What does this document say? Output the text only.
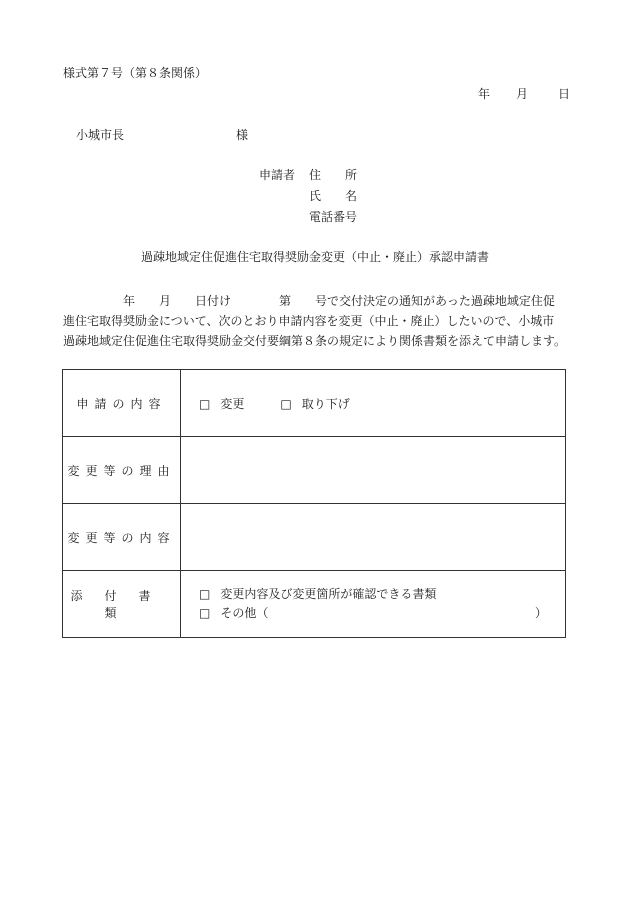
様式第７号（第８条関係）
年 月	日
小城市長	様
申請者 住　　所
氏　　名
電話番号
過疎地域定住促進住宅取得奨励金変更（中止・廃止）承認申請書
　　　　　年　　月　　日付け　　　　第　　号で交付決定の通知があった過疎地域定住促
進住宅取得奨励金について、次のとおり申請内容を変更（中止・廃止）したいので、小城市
過疎地域定住促進住宅取得奨励金交付要綱第８条の規定により関係書類を添えて申請します。
申請の内容	□ 変更 □ 取り下げ
変更等の理由	
変更等の内容	
添付書類	□ 変更内容及び変更箇所が確認できる書類
□ その他（ ）
